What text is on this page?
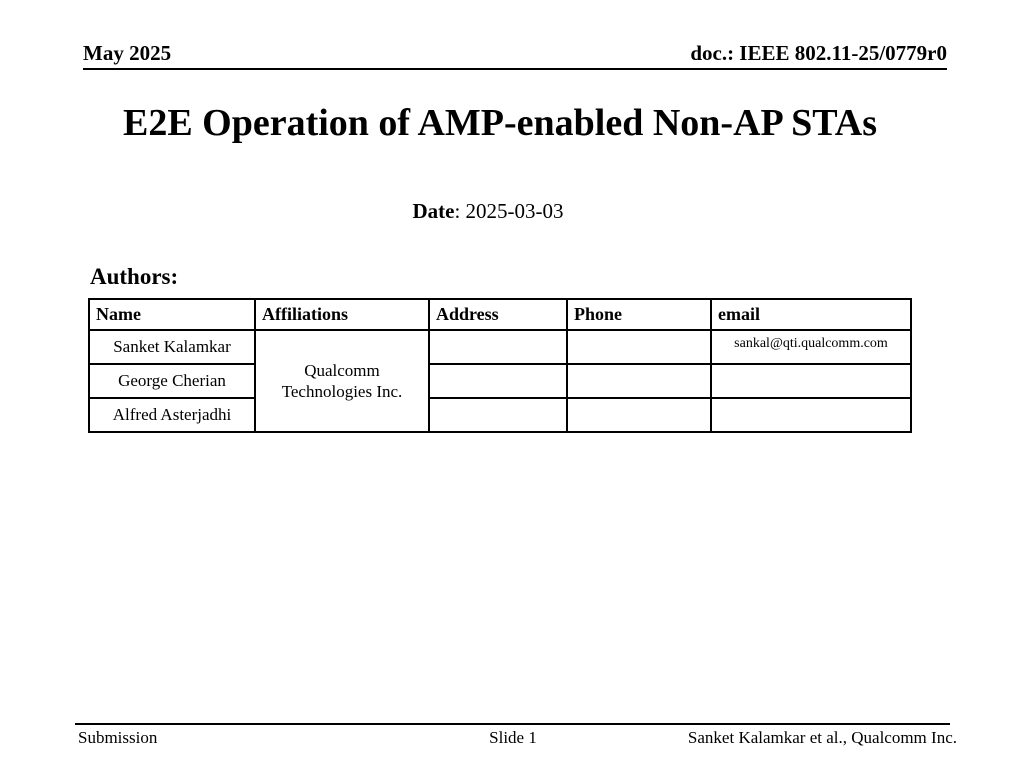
May 2025	doc.: IEEE 802.11-25/0779r0
E2E Operation of AMP-enabled Non-AP STAs
Date: 2025-03-03
Authors:
Name	Affiliations	Address	Phone	email
Sanket Kalamkar	Qualcomm Technologies Inc.			sankal@qti.qualcomm.com
George Cherian				
Alfred Asterjadhi				
Submission	Slide 1	Sanket Kalamkar et al., Qualcomm Inc.
